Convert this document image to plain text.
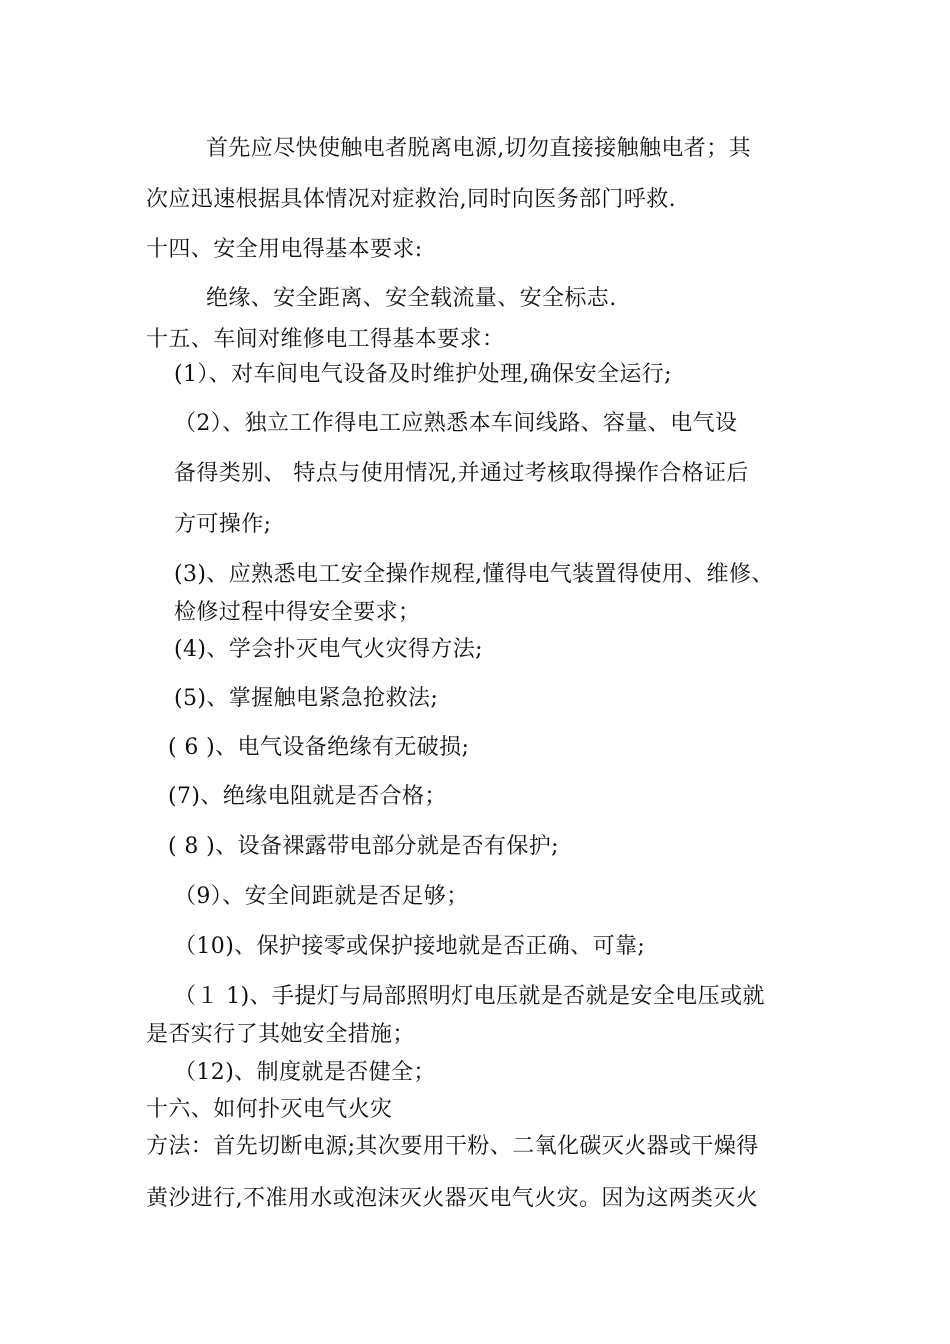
首先应尽快使触电者脱离电源,切勿直接接触触电者；其
次应迅速根据具体情况对症救治,同时向医务部门呼救.
十四、安全用电得基本要求:
绝缘、安全距离、安全载流量、安全标志.
十五、车间对维修电工得基本要求：
(1）、对车间电气设备及时维护处理,确保安全运行;
（2）、独立工作得电工应熟悉本车间线路、容量、电气设
备得类别、 特点与使用情况,并通过考核取得操作合格证后
方可操作;
(3)、应熟悉电工安全操作规程,懂得电气装置得使用、维修、
检修过程中得安全要求；
(4)、学会扑灭电气火灾得方法;
(5)、掌握触电紧急抢救法;
( 6 )、电气设备绝缘有无破损;
(7)、绝缘电阻就是否合格；
( 8 )、设备裸露带电部分就是否有保护;
（9）、安全间距就是否足够；
（10)、保护接零或保护接地就是否正确、可靠;
（１ 1)、手提灯与局部照明灯电压就是否就是安全电压或就
是否实行了其她安全措施；
（12)、制度就是否健全；
十六、如何扑灭电气火灾
方法：首先切断电源;其次要用干粉、二氧化碳灭火器或干燥得
黄沙进行,不准用水或泡沫灭火器灭电气火灾。因为这两类灭火
